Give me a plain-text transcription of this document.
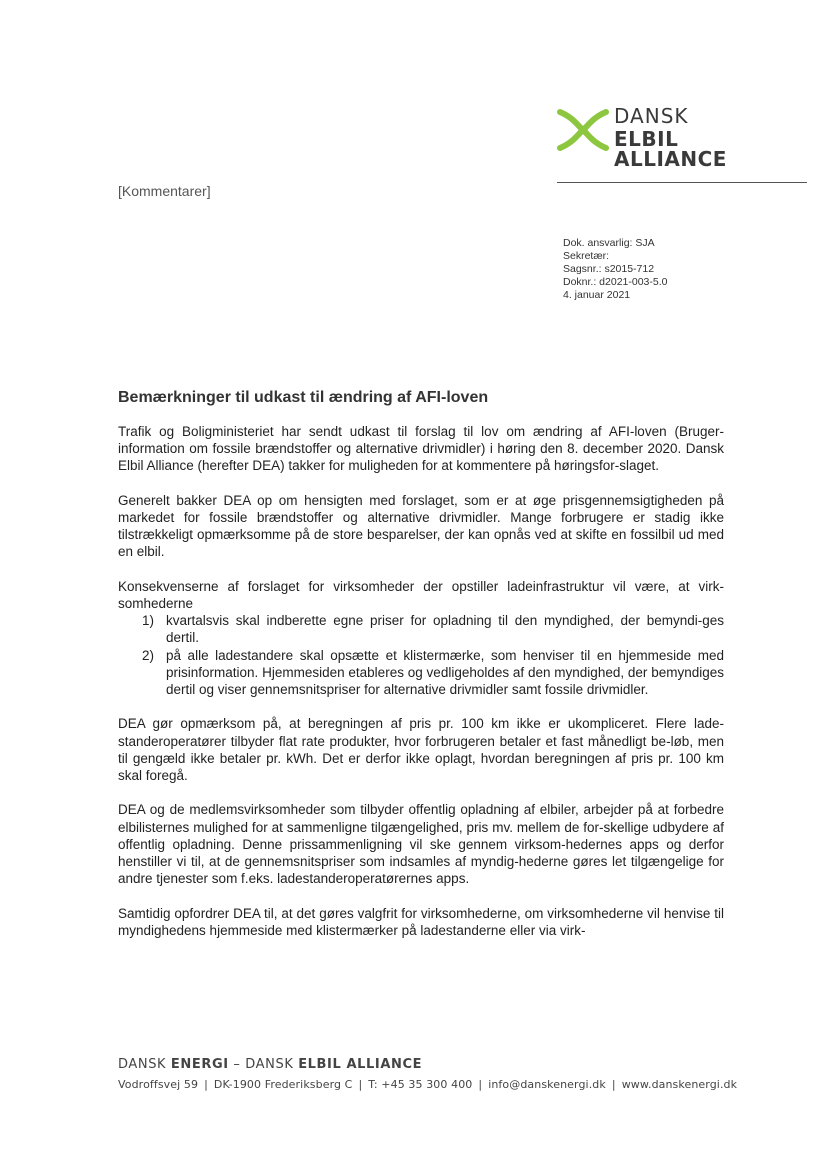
DANSK
ELBIL ALLIANCE
[Kommentarer]
Dok. ansvarlig: SJA
Sekretær:
Sagsnr.: s2015-712
Doknr.: d2021-003-5.0
4. januar 2021
Bemærkninger til udkast til ændring af AFI-loven

Trafik og Boligministeriet har sendt udkast til forslag til lov om ændring af AFI-loven (Bruger-information om fossile brændstoffer og alternative drivmidler) i høring den 8. december 2020. Dansk Elbil Alliance (herefter DEA) takker for muligheden for at kommentere på høringsfor-slaget.

Generelt bakker DEA op om hensigten med forslaget, som er at øge prisgennemsigtigheden på markedet for fossile brændstoffer og alternative drivmidler. Mange forbrugere er stadig ikke tilstrækkeligt opmærksomme på de store besparelser, der kan opnås ved at skifte en fossilbil ud med en elbil.

Konsekvenserne af forslaget for virksomheder der opstiller ladeinfrastruktur vil være, at virk-somhederne

1) kvartalsvis skal indberette egne priser for opladning til den myndighed, der bemyndi-ges dertil.
2) på alle ladestandere skal opsætte et klistermærke, som henviser til en hjemmeside med prisinformation. Hjemmesiden etableres og vedligeholdes af den myndighed, der bemyndiges dertil og viser gennemsnitspriser for alternative drivmidler samt fossile drivmidler.

DEA gør opmærksom på, at beregningen af pris pr. 100 km ikke er ukompliceret. Flere lade-standeroperatører tilbyder flat rate produkter, hvor forbrugeren betaler et fast månedligt be-løb, men til gengæld ikke betaler pr. kWh. Det er derfor ikke oplagt, hvordan beregningen af pris pr. 100 km skal foregå.

DEA og de medlemsvirksomheder som tilbyder offentlig opladning af elbiler, arbejder på at forbedre elbilisternes mulighed for at sammenligne tilgængelighed, pris mv. mellem de for-skellige udbydere af offentlig opladning. Denne prissammenligning vil ske gennem virksom-hedernes apps og derfor henstiller vi til, at de gennemsnitspriser som indsamles af myndig-hederne gøres let tilgængelige for andre tjenester som f.eks. ladestanderoperatørernes apps.

Samtidig opfordrer DEA til, at det gøres valgfrit for virksomhederne, om virksomhederne vil henvise til myndighedens hjemmeside med klistermærker på ladestanderne eller via virk-

DANSK ENERGI – DANSK ELBIL ALLIANCE
Vodroffsvej 59 | DK-1900 Frederiksberg C | T: +45 35 300 400 | info@danskenergi.dk | www.danskenergi.dk
